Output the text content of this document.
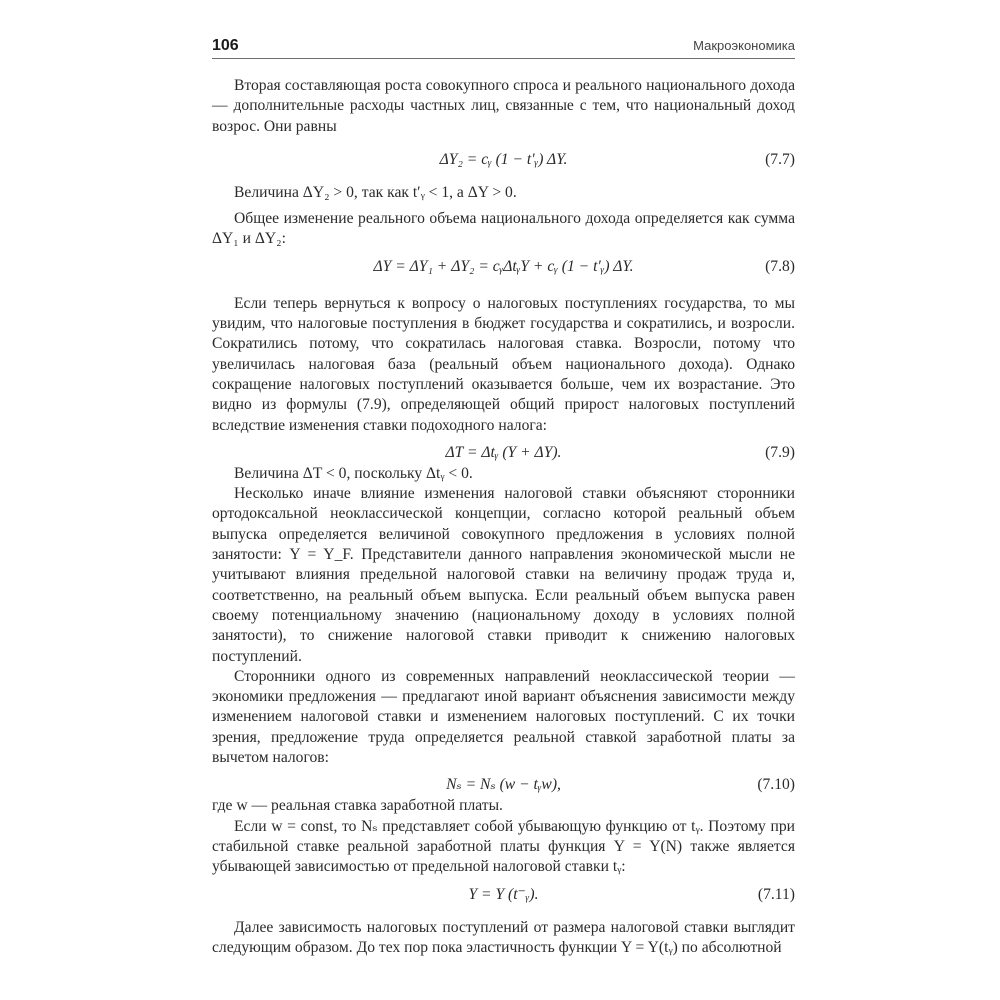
106	Макроэкономика

Вторая составляющая роста совокупного спроса и реального национального дохода — дополнительные расходы частных лиц, связанные с тем, что национальный доход возрос. Они равны

ΔY₂ = cᵧ (1 − t′ᵧ) ΔY.	(7.7)

Величина ΔY₂ > 0, так как t′ᵧ < 1, а ΔY > 0.

Общее изменение реального объема национального дохода определяется как сумма ΔY₁ и ΔY₂:

ΔY = ΔY₁ + ΔY₂ = cᵧΔtᵧY + cᵧ (1 − t′ᵧ) ΔY.	(7.8)

Если теперь вернуться к вопросу о налоговых поступлениях государства, то мы увидим, что налоговые поступления в бюджет государства и сократились, и возросли. Сократились потому, что сократилась налоговая ставка. Возросли, потому что увеличилась налоговая база (реальный объем национального дохода). Однако сокращение налоговых поступлений оказывается больше, чем их возрастание. Это видно из формулы (7.9), определяющей общий прирост налоговых поступлений вследствие изменения ставки подоходного налога:

ΔT = Δtᵧ (Y + ΔY).	(7.9)

Величина ΔT < 0, поскольку Δtᵧ < 0.

Несколько иначе влияние изменения налоговой ставки объясняют сторонники ортодоксальной неоклассической концепции, согласно которой реальный объем выпуска определяется величиной совокупного предложения в условиях полной занятости: Y = Y_F. Представители данного направления экономической мысли не учитывают влияния предельной налоговой ставки на величину продаж труда и, соответственно, на реальный объем выпуска. Если реальный объем выпуска равен своему потенциальному значению (национальному доходу в условиях полной занятости), то снижение налоговой ставки приводит к снижению налоговых поступлений.

Сторонники одного из современных направлений неоклассической теории — экономики предложения — предлагают иной вариант объяснения зависимости между изменением налоговой ставки и изменением налоговых поступлений. С их точки зрения, предложение труда определяется реальной ставкой заработной платы за вычетом налогов:

Nₛ = Nₛ (w − tᵧw),	(7.10)

где w — реальная ставка заработной платы.

Если w = const, то Nₛ представляет собой убывающую функцию от tᵧ. Поэтому при стабильной ставке реальной заработной платы функция Y = Y(N) также является убывающей зависимостью от предельной налоговой ставки tᵧ:

Y = Y (t⁻ᵧ).	(7.11)

Далее зависимость налоговых поступлений от размера налоговой ставки выглядит следующим образом. До тех пор пока эластичность функции Y = Y(tᵧ) по абсолютной
